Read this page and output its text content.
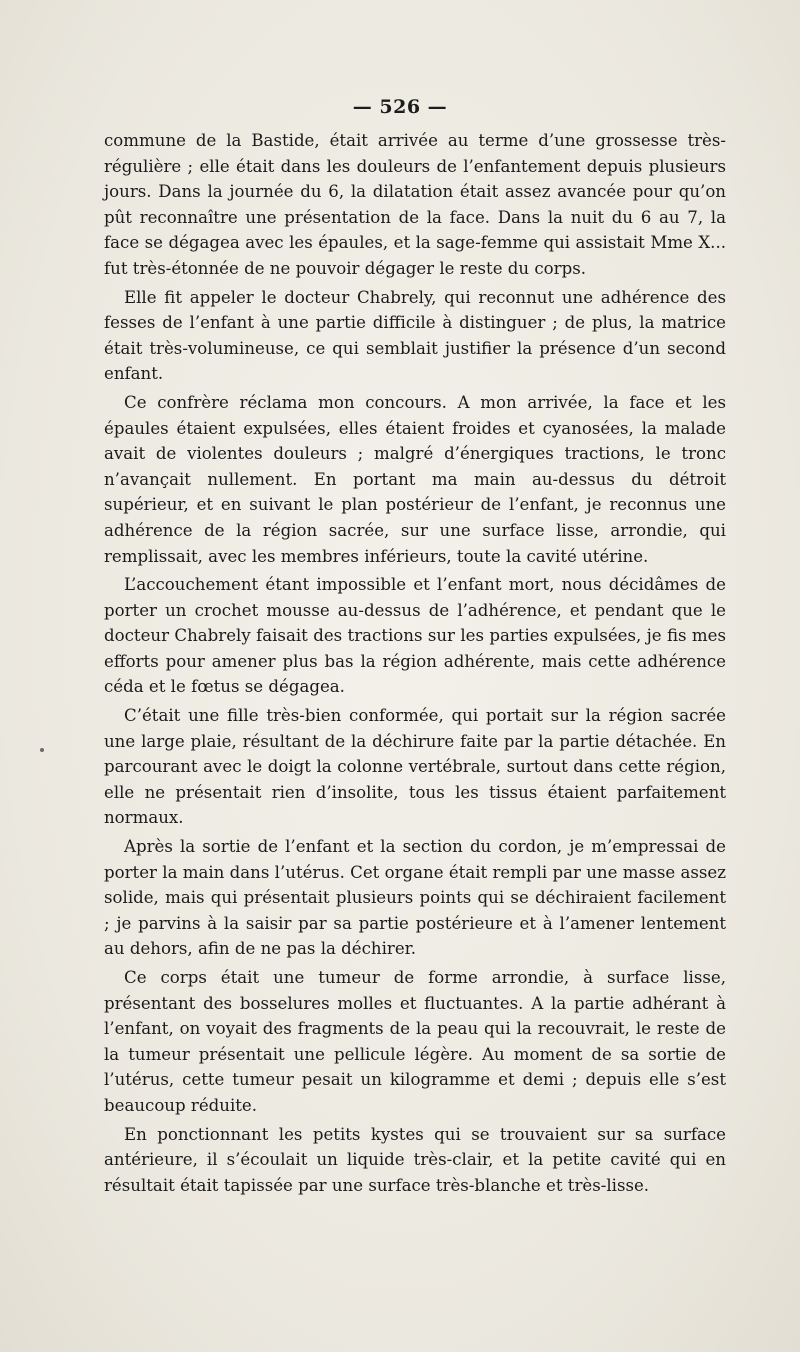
— 526 —

commune de la Bastide, était arrivée au terme d’une grossesse très-régulière ; elle était dans les douleurs de l’enfantement depuis plusieurs jours. Dans la journée du 6, la dilatation était assez avancée pour qu’on pût reconnaître une présentation de la face. Dans la nuit du 6 au 7, la face se dégagea avec les épaules, et la sage-femme qui assistait Mme X... fut très-étonnée de ne pouvoir dégager le reste du corps.

Elle fit appeler le docteur Chabrely, qui reconnut une adhérence des fesses de l’enfant à une partie difficile à distinguer ; de plus, la matrice était très-volumineuse, ce qui semblait justifier la présence d’un second enfant.

Ce confrère réclama mon concours. A mon arrivée, la face et les épaules étaient expulsées, elles étaient froides et cyanosées, la malade avait de violentes douleurs ; malgré d’énergiques tractions, le tronc n’avançait nullement. En portant ma main au-dessus du détroit supérieur, et en suivant le plan postérieur de l’enfant, je reconnus une adhérence de la région sacrée, sur une surface lisse, arrondie, qui remplissait, avec les membres inférieurs, toute la cavité utérine.

L’accouchement étant impossible et l’enfant mort, nous décidâmes de porter un crochet mousse au-dessus de l’adhérence, et pendant que le docteur Chabrely faisait des tractions sur les parties expulsées, je fis mes efforts pour amener plus bas la région adhérente, mais cette adhérence céda et le fœtus se dégagea.

C’était une fille très-bien conformée, qui portait sur la région sacrée une large plaie, résultant de la déchirure faite par la partie détachée. En parcourant avec le doigt la colonne vertébrale, surtout dans cette région, elle ne présentait rien d’insolite, tous les tissus étaient parfaitement normaux.

Après la sortie de l’enfant et la section du cordon, je m’empressai de porter la main dans l’utérus. Cet organe était rempli par une masse assez solide, mais qui présentait plusieurs points qui se déchiraient facilement ; je parvins à la saisir par sa partie postérieure et à l’amener lentement au dehors, afin de ne pas la déchirer.

Ce corps était une tumeur de forme arrondie, à surface lisse, présentant des bosselures molles et fluctuantes. A la partie adhérant à l’enfant, on voyait des fragments de la peau qui la recouvrait, le reste de la tumeur présentait une pellicule légère. Au moment de sa sortie de l’utérus, cette tumeur pesait un kilogramme et demi ; depuis elle s’est beaucoup réduite.

En ponctionnant les petits kystes qui se trouvaient sur sa surface antérieure, il s’écoulait un liquide très-clair, et la petite cavité qui en résultait était tapissée par une surface très-blanche et très-lisse.
